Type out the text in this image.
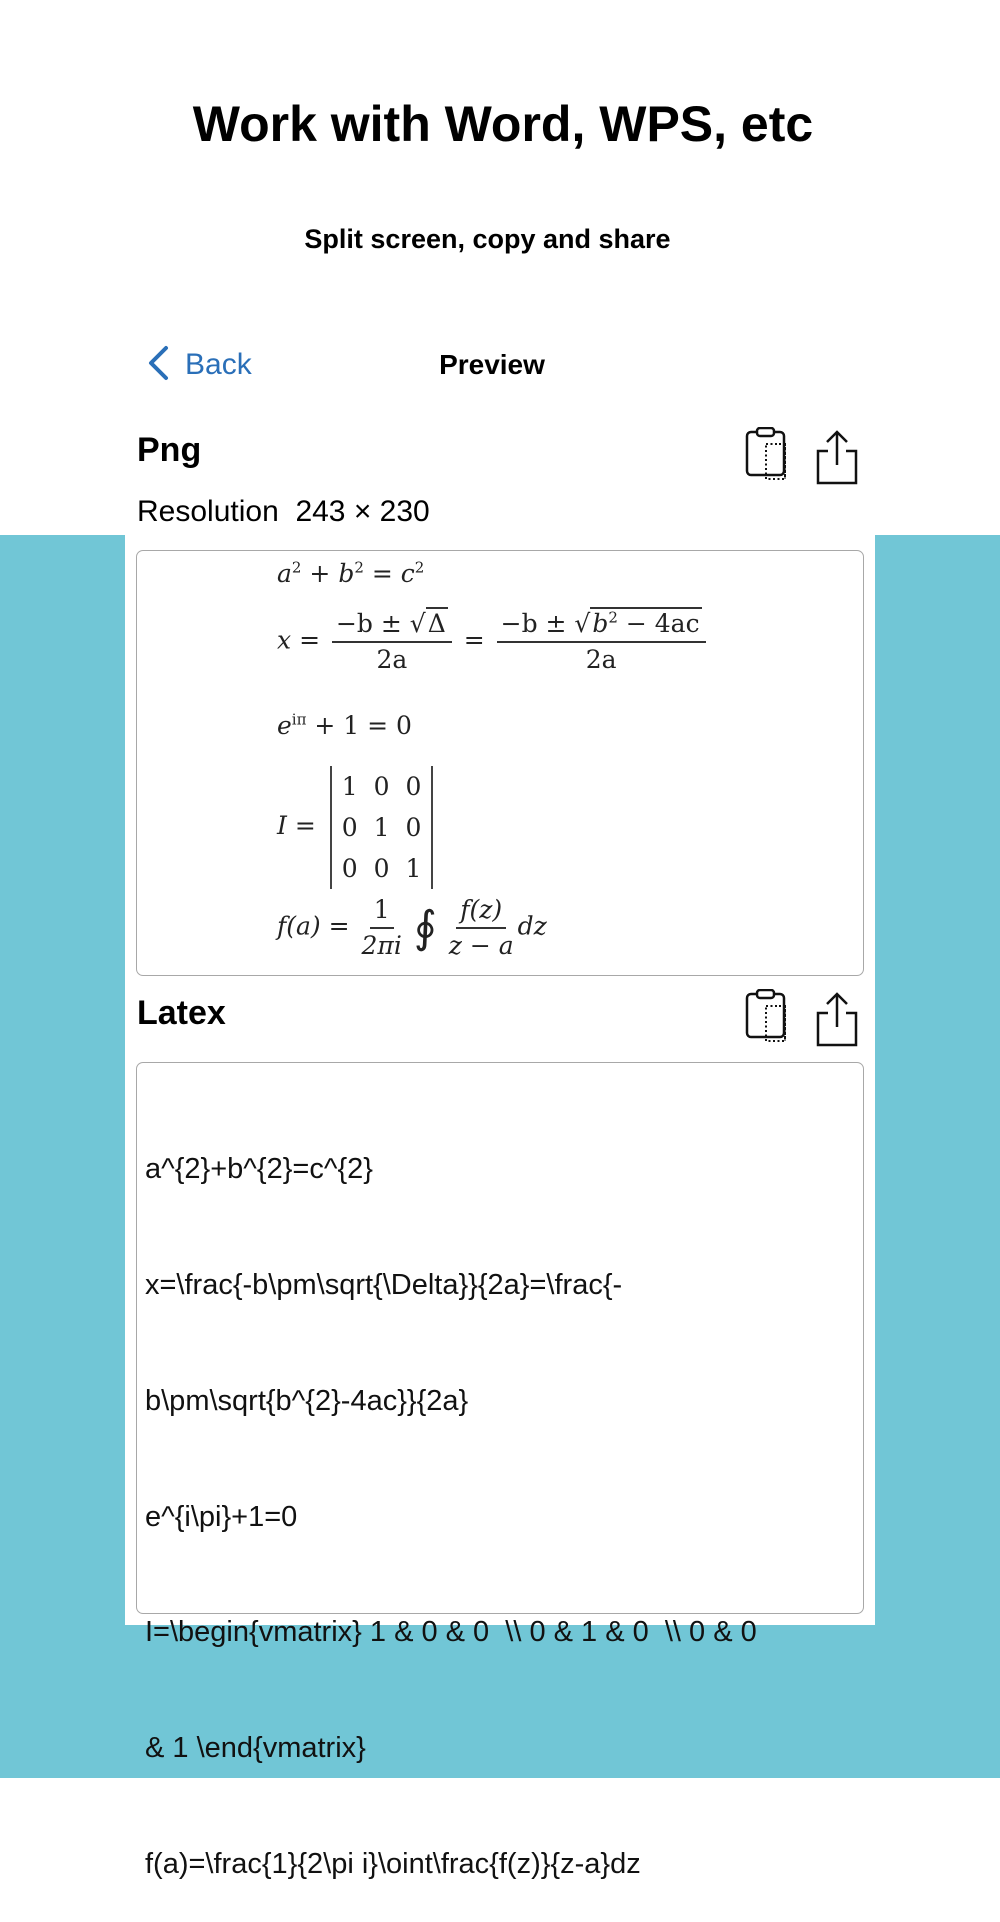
Work with Word, WPS, etc
Split screen, copy and share
Back	Preview
Png
Resolution 243 × 230
$a^2 + b^2 = c^2$
$x = \frac{-b \pm √\Delta}{2a} = \frac{-b \pm √b^2 - 4ac}{2a}$
$e^{i\pi} + 1 = 0$
I =
1	0	0
0	1	0
0	0	1
$f(a) = \frac{1}{2\pi i}$ ∮ $\frac{f(z)}{z - a}$ dz
Latex

a^{2}+b^{2}=c^{2}

x=\frac{-b\pm\sqrt{\Delta}}{2a}=\frac{-

b\pm\sqrt{b^{2}-4ac}}{2a}

e^{i\pi}+1=0

I=\begin{vmatrix} 1 & 0 & 0  \\ 0 & 1 & 0  \\ 0 & 0

& 1 \end{vmatrix}

f(a)=\frac{1}{2\pi i}\oint\frac{f(z)}{z-a}dz
